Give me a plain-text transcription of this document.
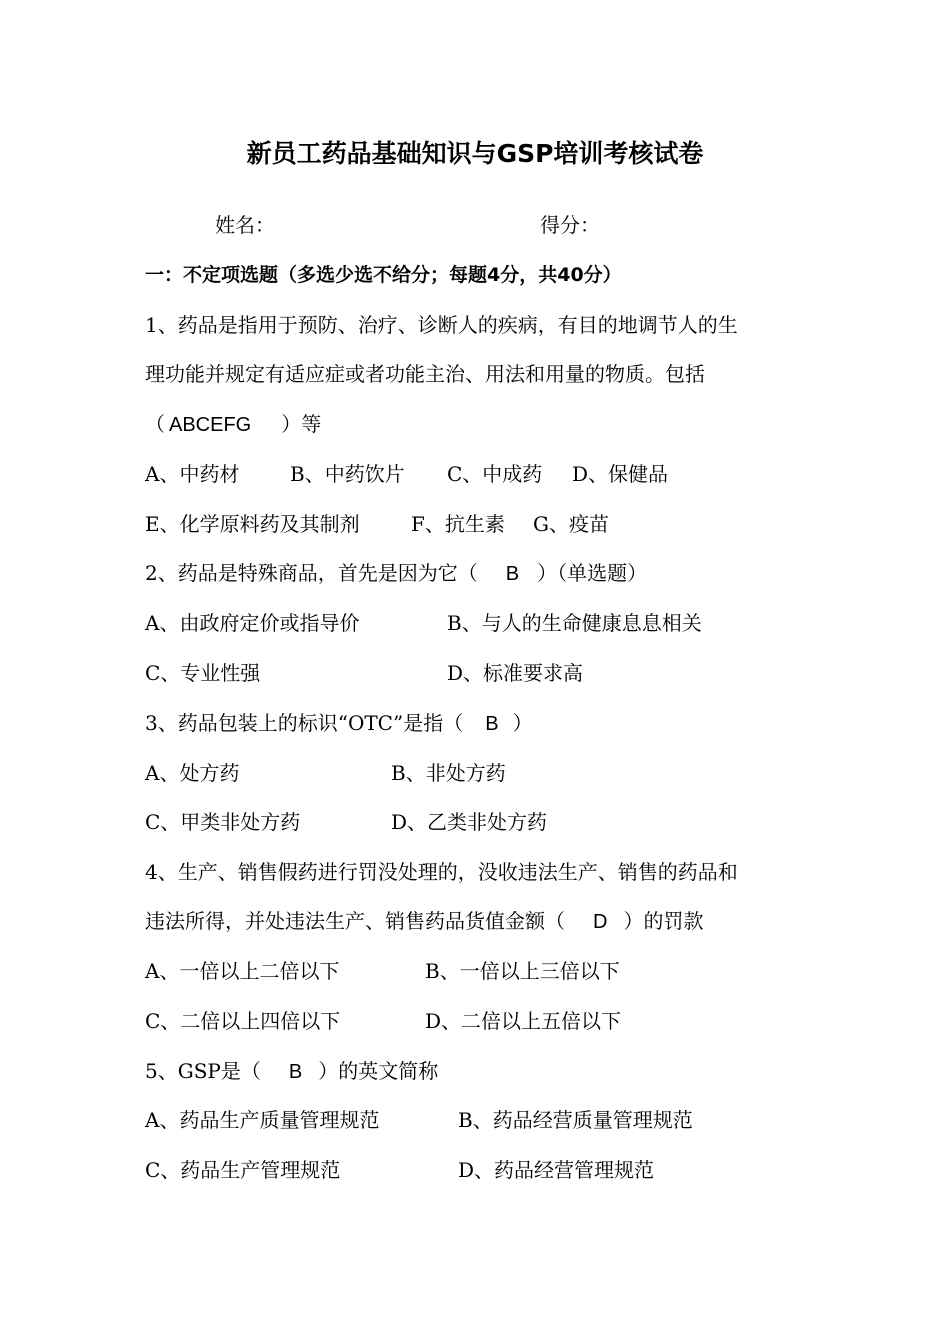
新员工药品基础知识与GSP培训考核试卷
姓名：	得分：
一：不定项选题（多选少选不给分；每题4分，共40分）
1、药品是指用于预防、治疗、诊断人的疾病，有目的地调节人的生
理功能并规定有适应症或者功能主治、用法和用量的物质。包括
（ ABCEFG ）等
A、中药材	B、中药饮片 C、中成药 D、保健品
E、化学原料药及其制剂	F、抗生素 G、疫苗
2、药品是特殊商品，首先是因为它（ B ）（单选题）
A、由政府定价或指导价	B、与人的生命健康息息相关
C、专业性强	D、标准要求高
3、药品包装上的标识“OTC”是指（ B ）
A、处方药	B、非处方药
C、甲类非处方药	D、乙类非处方药
4、生产、销售假药进行罚没处理的，没收违法生产、销售的药品和
违法所得，并处违法生产、销售药品货值金额（ D ）的罚款
A、一倍以上二倍以下	B、一倍以上三倍以下
C、二倍以上四倍以下	D、二倍以上五倍以下
5、GSP是（ B ）的英文简称
A、药品生产质量管理规范	B、药品经营质量管理规范
C、药品生产管理规范	D、药品经营管理规范
